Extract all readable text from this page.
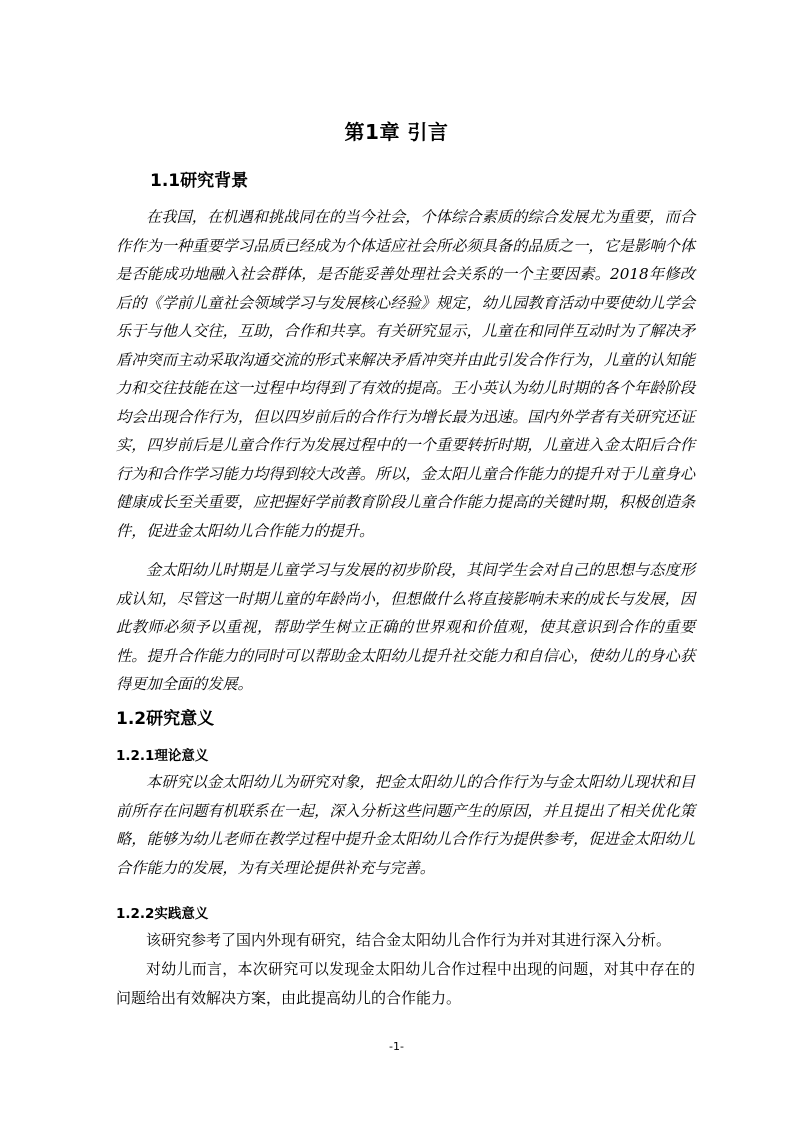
第1章 引言
1.1研究背景

在我国，在机遇和挑战同在的当今社会，个体综合素质的综合发展尤为重要，而合作作为一种重要学习品质已经成为个体适应社会所必须具备的品质之一，它是影响个体是否能成功地融入社会群体，是否能妥善处理社会关系的一个主要因素。2018年修改后的《学前儿童社会领域学习与发展核心经验》规定，幼儿园教育活动中要使幼儿学会乐于与他人交往，互助，合作和共享。有关研究显示，儿童在和同伴互动时为了解决矛盾冲突而主动采取沟通交流的形式来解决矛盾冲突并由此引发合作行为，儿童的认知能力和交往技能在这一过程中均得到了有效的提高。王小英认为幼儿时期的各个年龄阶段均会出现合作行为，但以四岁前后的合作行为增长最为迅速。国内外学者有关研究还证实，四岁前后是儿童合作行为发展过程中的一个重要转折时期，儿童进入金太阳后合作行为和合作学习能力均得到较大改善。所以，金太阳儿童合作能力的提升对于儿童身心健康成长至关重要，应把握好学前教育阶段儿童合作能力提高的关键时期，积极创造条件，促进金太阳幼儿合作能力的提升。

金太阳幼儿时期是儿童学习与发展的初步阶段，其间学生会对自己的思想与态度形成认知，尽管这一时期儿童的年龄尚小，但想做什么将直接影响未来的成长与发展，因此教师必须予以重视，帮助学生树立正确的世界观和价值观，使其意识到合作的重要性。提升合作能力的同时可以帮助金太阳幼儿提升社交能力和自信心，使幼儿的身心获得更加全面的发展。

1.2研究意义
1.2.1理论意义

本研究以金太阳幼儿为研究对象，把金太阳幼儿的合作行为与金太阳幼儿现状和目前所存在问题有机联系在一起，深入分析这些问题产生的原因，并且提出了相关优化策略，能够为幼儿老师在教学过程中提升金太阳幼儿合作行为提供参考，促进金太阳幼儿合作能力的发展，为有关理论提供补充与完善。

1.2.2实践意义

该研究参考了国内外现有研究，结合金太阳幼儿合作行为并对其进行深入分析。

对幼儿而言，本次研究可以发现金太阳幼儿合作过程中出现的问题，对其中存在的问题给出有效解决方案，由此提高幼儿的合作能力。

-1-
